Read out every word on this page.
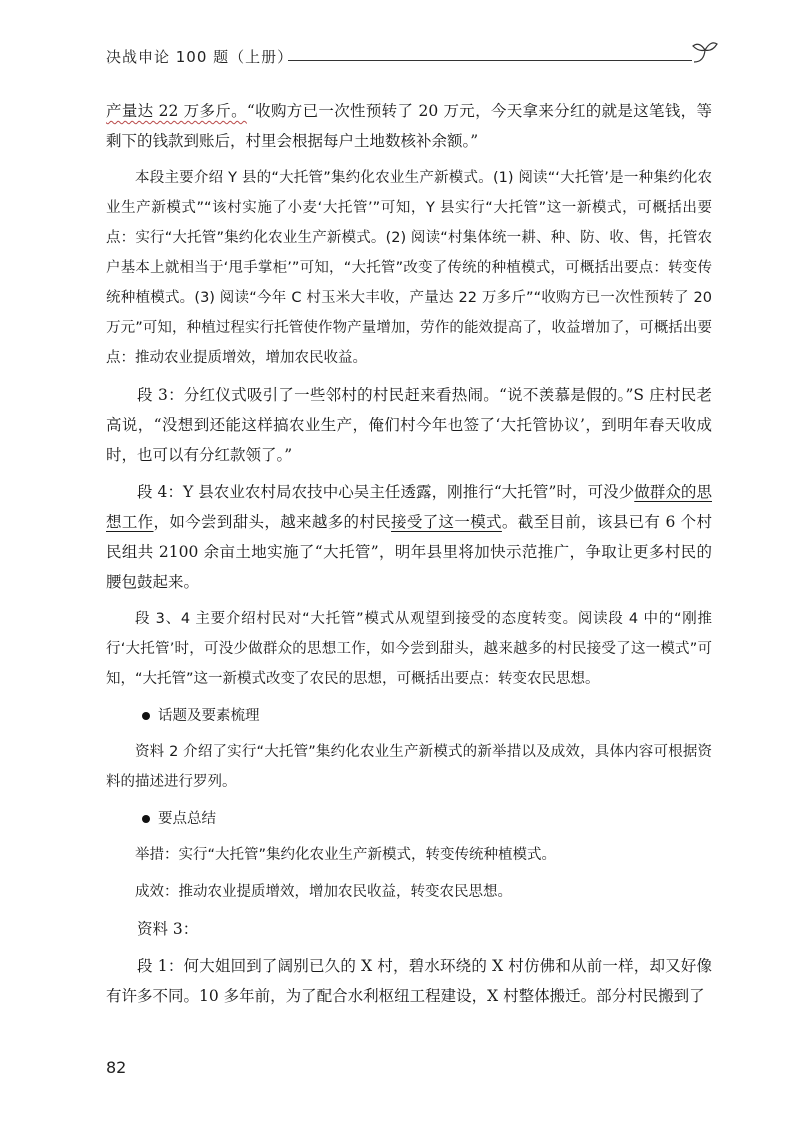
决战申论 100 题（上册）

产量达 22 万多斤。“收购方已一次性预转了 20 万元，今天拿来分红的就是这笔钱，等剩下的钱款到账后，村里会根据每户土地数核补余额。”

本段主要介绍 Y 县的“大托管”集约化农业生产新模式。(1) 阅读“‘大托管’是一种集约化农业生产新模式”“该村实施了小麦‘大托管’”可知，Y 县实行“大托管”这一新模式，可概括出要点：实行“大托管”集约化农业生产新模式。(2) 阅读“村集体统一耕、种、防、收、售，托管农户基本上就相当于‘甩手掌柜’”可知，“大托管”改变了传统的种植模式，可概括出要点：转变传统种植模式。(3) 阅读“今年 C 村玉米大丰收，产量达 22 万多斤”“收购方已一次性预转了 20 万元”可知，种植过程实行托管使作物产量增加，劳作的能效提高了，收益增加了，可概括出要点：推动农业提质增效，增加农民收益。

段 3：分红仪式吸引了一些邻村的村民赶来看热闹。“说不羡慕是假的。”S 庄村民老高说，“没想到还能这样搞农业生产，俺们村今年也签了‘大托管协议’，到明年春天收成时，也可以有分红款领了。”

段 4：Y 县农业农村局农技中心吴主任透露，刚推行“大托管”时，可没少做群众的思想工作，如今尝到甜头，越来越多的村民接受了这一模式。截至目前，该县已有 6 个村民组共 2100 余亩土地实施了“大托管”，明年县里将加快示范推广，争取让更多村民的腰包鼓起来。

段 3、4 主要介绍村民对“大托管”模式从观望到接受的态度转变。阅读段 4 中的“刚推行‘大托管’时，可没少做群众的思想工作，如今尝到甜头，越来越多的村民接受了这一模式”可知，“大托管”这一新模式改变了农民的思想，可概括出要点：转变农民思想。

话题及要素梳理

资料 2 介绍了实行“大托管”集约化农业生产新模式的新举措以及成效，具体内容可根据资料的描述进行罗列。

要点总结

举措：实行“大托管”集约化农业生产新模式，转变传统种植模式。

成效：推动农业提质增效，增加农民收益，转变农民思想。

资料 3：

段 1：何大姐回到了阔别已久的 X 村，碧水环绕的 X 村仿佛和从前一样，却又好像有许多不同。10 多年前，为了配合水利枢纽工程建设，X 村整体搬迁。部分村民搬到了

82
